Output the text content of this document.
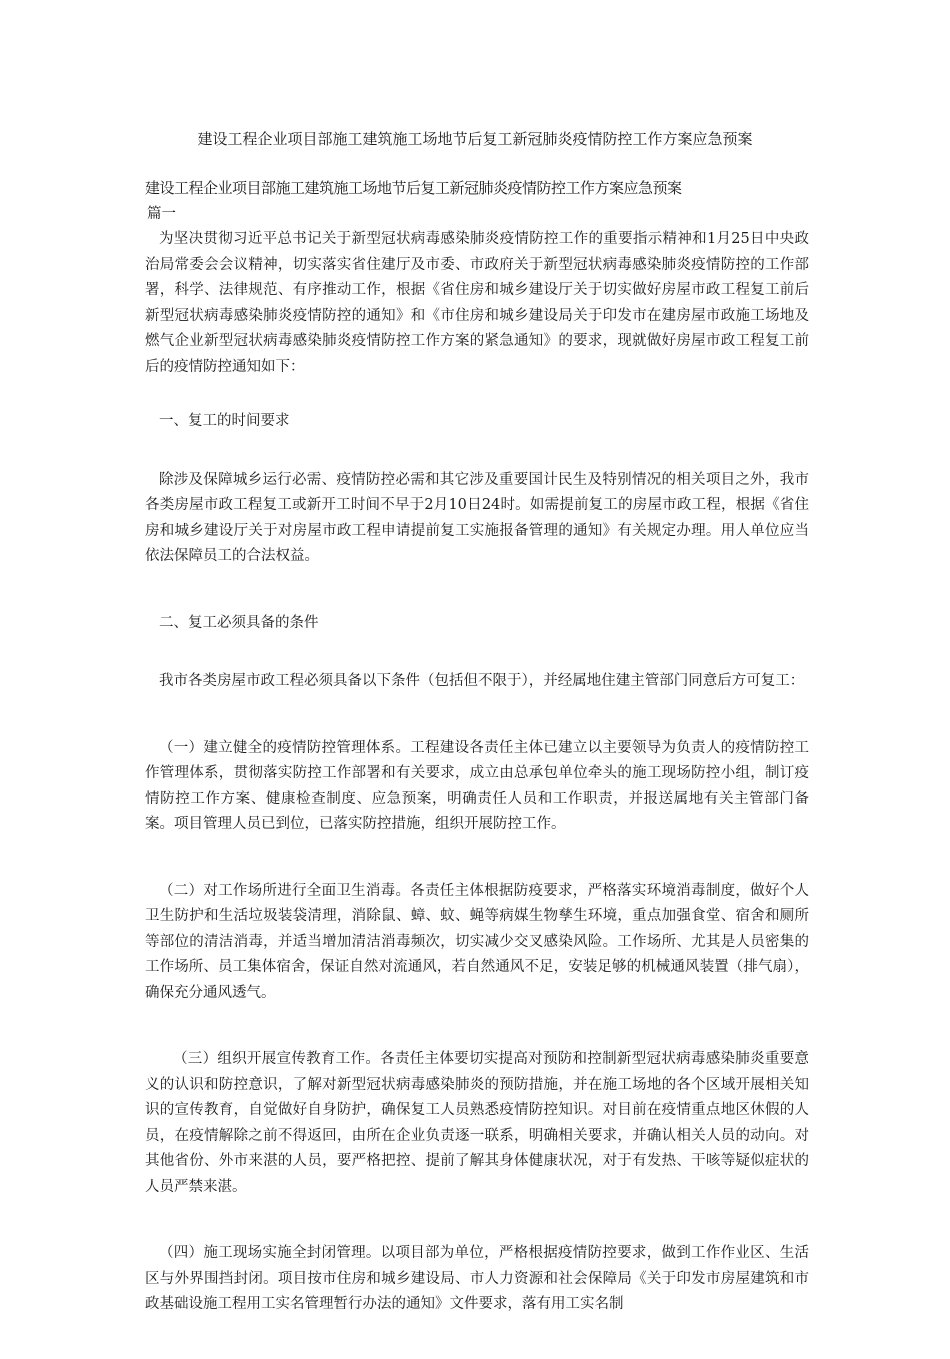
建设工程企业项目部施工建筑施工场地节后复工新冠肺炎疫情防控工作方案应急预案
建设工程企业项目部施工建筑施工场地节后复工新冠肺炎疫情防控工作方案应急预案

篇一

为坚决贯彻习近平总书记关于新型冠状病毒感染肺炎疫情防控工作的重要指示精神和1月25日中央政治局常委会会议精神，切实落实省住建厅及市委、市政府关于新型冠状病毒感染肺炎疫情防控的工作部署，科学、法律规范、有序推动工作，根据《省住房和城乡建设厅关于切实做好房屋市政工程复工前后新型冠状病毒感染肺炎疫情防控的通知》和《市住房和城乡建设局关于印发市在建房屋市政施工场地及燃气企业新型冠状病毒感染肺炎疫情防控工作方案的紧急通知》的要求，现就做好房屋市政工程复工前后的疫情防控通知如下：

一、复工的时间要求

除涉及保障城乡运行必需、疫情防控必需和其它涉及重要国计民生及特别情况的相关项目之外，我市各类房屋市政工程复工或新开工时间不早于2月10日24时。如需提前复工的房屋市政工程，根据《省住房和城乡建设厅关于对房屋市政工程申请提前复工实施报备管理的通知》有关规定办理。用人单位应当依法保障员工的合法权益。

二、复工必须具备的条件

我市各类房屋市政工程必须具备以下条件（包括但不限于），并经属地住建主管部门同意后方可复工：

（一）建立健全的疫情防控管理体系。工程建设各责任主体已建立以主要领导为负责人的疫情防控工作管理体系，贯彻落实防控工作部署和有关要求，成立由总承包单位牵头的施工现场防控小组，制订疫情防控工作方案、健康检查制度、应急预案，明确责任人员和工作职责，并报送属地有关主管部门备案。项目管理人员已到位，已落实防控措施，组织开展防控工作。

（二）对工作场所进行全面卫生消毒。各责任主体根据防疫要求，严格落实环境消毒制度，做好个人卫生防护和生活垃圾装袋清理，消除鼠、蟑、蚊、蝇等病媒生物孳生环境，重点加强食堂、宿舍和厕所等部位的清洁消毒，并适当增加清洁消毒频次，切实减少交叉感染风险。工作场所、尤其是人员密集的工作场所、员工集体宿舍，保证自然对流通风，若自然通风不足，安装足够的机械通风装置（排气扇），确保充分通风透气。

（三）组织开展宣传教育工作。各责任主体要切实提高对预防和控制新型冠状病毒感染肺炎重要意义的认识和防控意识，了解对新型冠状病毒感染肺炎的预防措施，并在施工场地的各个区域开展相关知识的宣传教育，自觉做好自身防护，确保复工人员熟悉疫情防控知识。对目前在疫情重点地区休假的人员，在疫情解除之前不得返回，由所在企业负责逐一联系，明确相关要求，并确认相关人员的动向。对其他省份、外市来湛的人员，要严格把控、提前了解其身体健康状况，对于有发热、干咳等疑似症状的人员严禁来湛。

（四）施工现场实施全封闭管理。以项目部为单位，严格根据疫情防控要求，做到工作作业区、生活区与外界围挡封闭。项目按市住房和城乡建设局、市人力资源和社会保障局《关于印发市房屋建筑和市政基础设施工程用工实名管理暂行办法的通知》文件要求，落有用工实名制
